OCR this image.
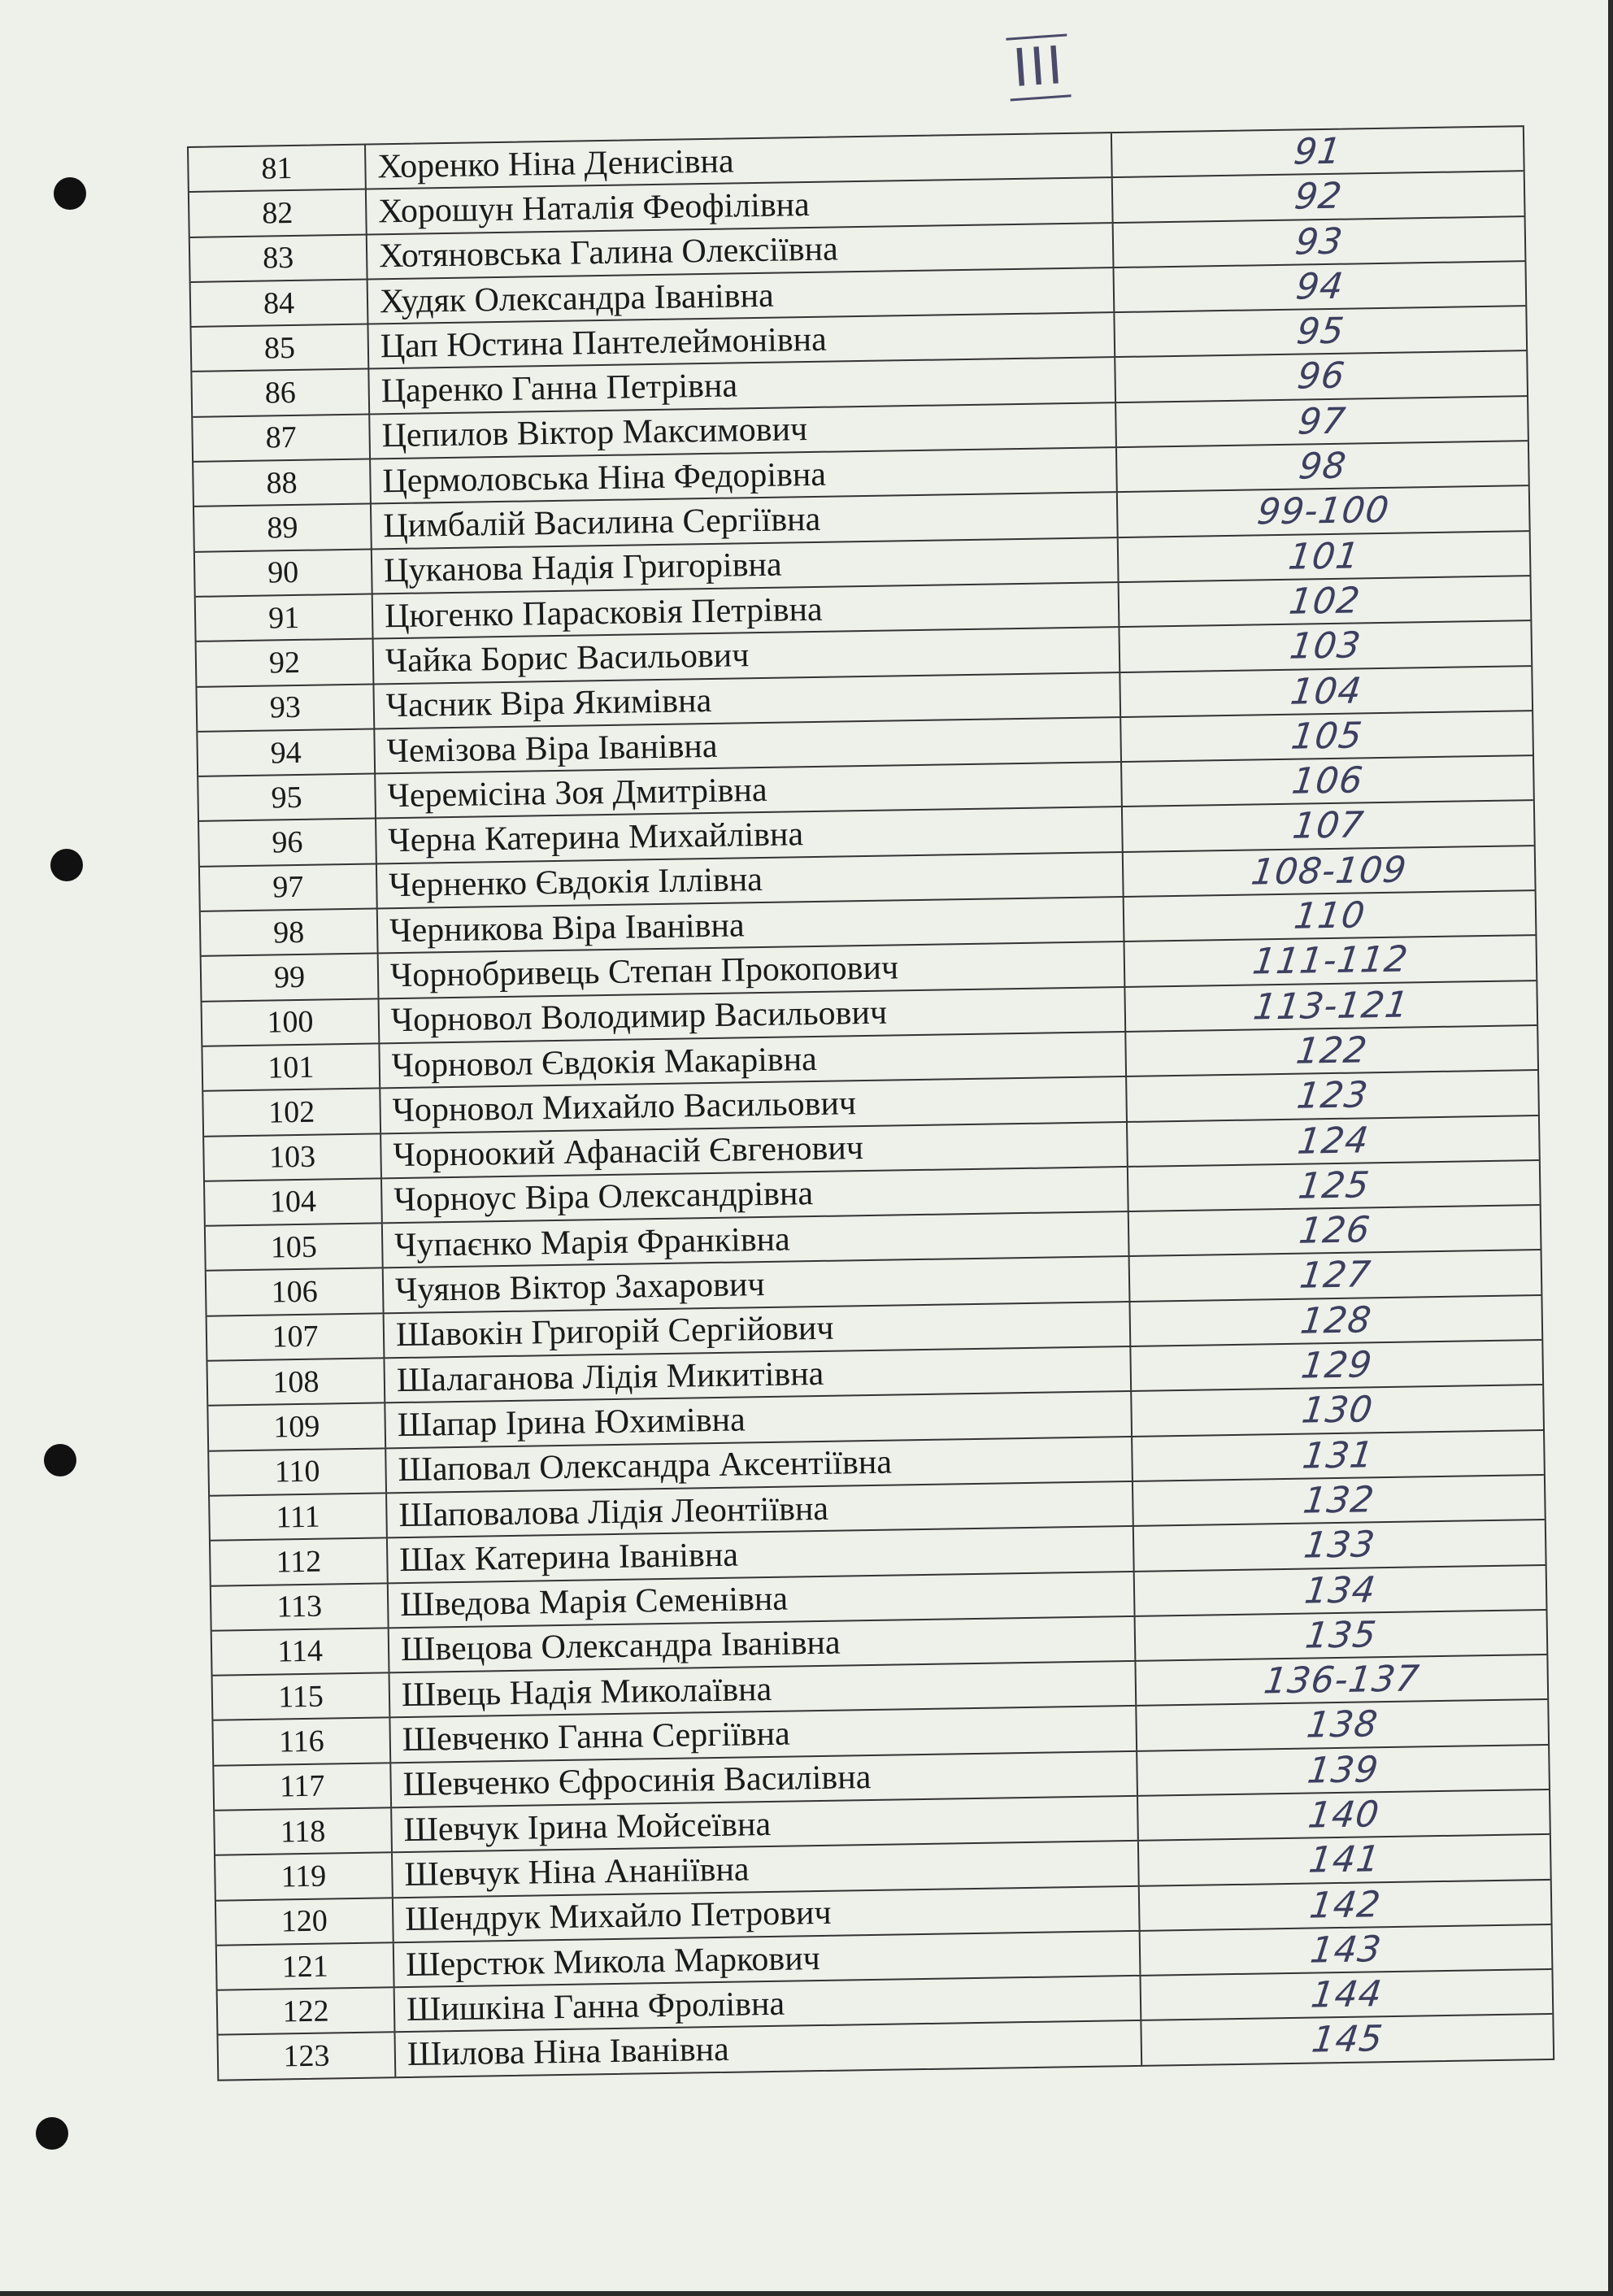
III
81	Хоренко Ніна Денисівна	91
82	Хорошун Наталія Феофілівна	92
83	Хотяновська Галина Олексіївна	93
84	Худяк Олександра Іванівна	94
85	Цап Юстина Пантелеймонівна	95
86	Царенко Ганна Петрівна	96
87	Цепилов Віктор Максимович	97
88	Цермоловська Ніна Федорівна	98
89	Цимбалій Василина Сергіївна	99-100
90	Цуканова Надія Григорівна	101
91	Цюгенко Парасковія Петрівна	102
92	Чайка Борис Васильович	103
93	Часник Віра Якимівна	104
94	Чемізова Віра Іванівна	105
95	Черемісіна Зоя Дмитрівна	106
96	Черна Катерина Михайлівна	107
97	Черненко Євдокія Іллівна	108-109
98	Черникова Віра Іванівна	110
99	Чорнобривець Степан Прокопович	111-112
100	Чорновол Володимир Васильович	113-121
101	Чорновол Євдокія Макарівна	122
102	Чорновол Михайло Васильович	123
103	Чорноокий Афанасій Євгенович	124
104	Чорноус Віра Олександрівна	125
105	Чупаєнко Марія Франківна	126
106	Чуянов Віктор Захарович	127
107	Шавокін Григорій Сергійович	128
108	Шалаганова Лідія Микитівна	129
109	Шапар Ірина Юхимівна	130
110	Шаповал Олександра Аксентіївна	131
111	Шаповалова Лідія Леонтіївна	132
112	Шах Катерина Іванівна	133
113	Шведова Марія Семенівна	134
114	Швецова Олександра Іванівна	135
115	Швець Надія Миколаївна	136-137
116	Шевченко Ганна Сергіївна	138
117	Шевченко Єфросинія Василівна	139
118	Шевчук Ірина Мойсеївна	140
119	Шевчук Ніна Ананіївна	141
120	Шендрук Михайло Петрович	142
121	Шерстюк Микола Маркович	143
122	Шишкіна Ганна Фролівна	144
123	Шилова Ніна Іванівна	145
